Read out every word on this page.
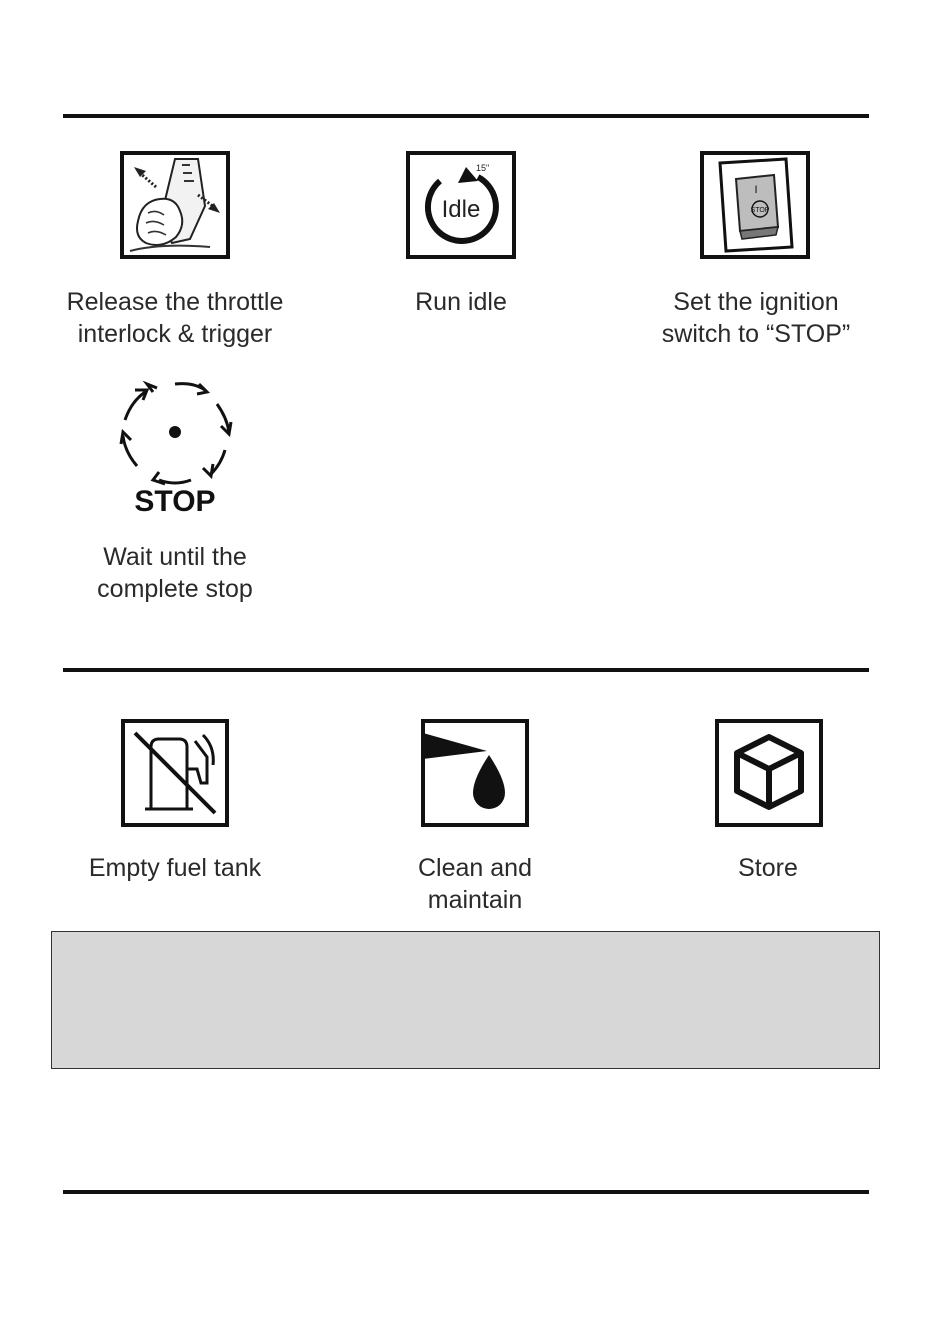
Release the throttle
interlock & trigger
Idle
15"
Run idle
I
STOP
Set the ignition
switch to “STOP”
STOP
Wait until the
complete stop
Empty fuel tank	Clean and
maintain
Store
